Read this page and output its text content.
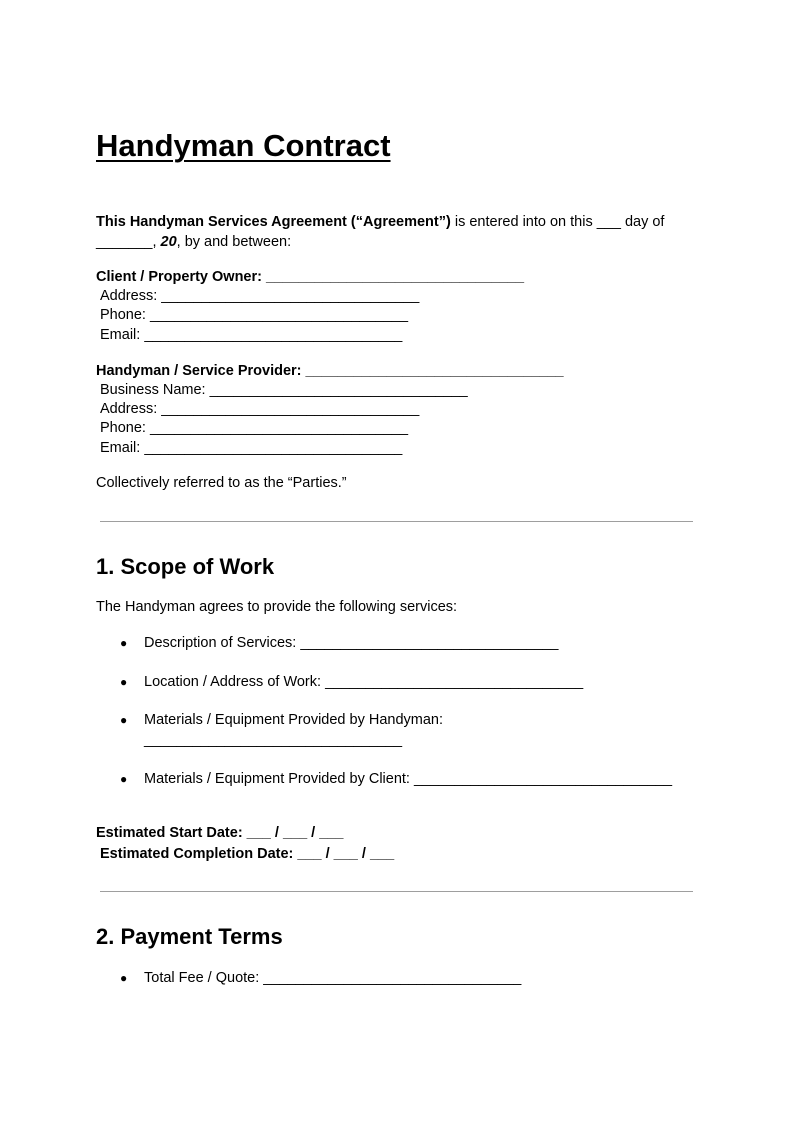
Handyman Contract
This Handyman Services Agreement (“Agreement”) is entered into on this ___ day of
_______, 20, by and between:
Client / Property Owner: ________________________________
Address: ________________________________
Phone: ________________________________
Email: ________________________________
Handyman / Service Provider: ________________________________
Business Name: ________________________________
Address: ________________________________
Phone: ________________________________
Email: ________________________________
Collectively referred to as the “Parties.”
1. Scope of Work
The Handyman agrees to provide the following services:
● Description of Services: ________________________________
● Location / Address of Work: ________________________________
● Materials / Equipment Provided by Handyman:
________________________________
● Materials / Equipment Provided by Client: ________________________________
Estimated Start Date: ___ / ___ / ___
Estimated Completion Date: ___ / ___ / ___
2. Payment Terms
● Total Fee / Quote: ________________________________
